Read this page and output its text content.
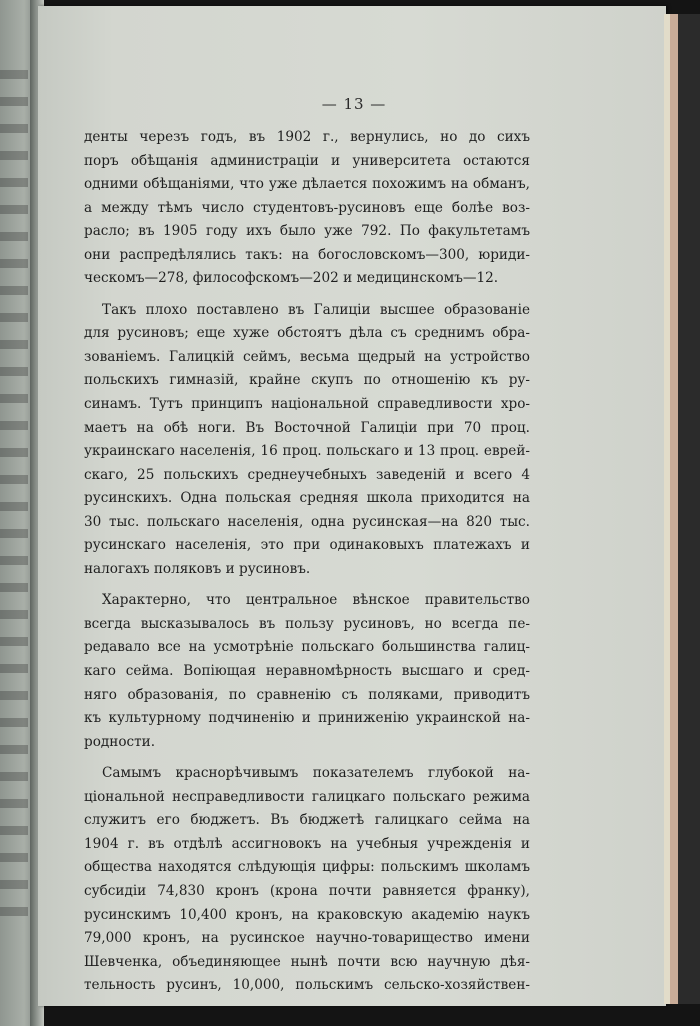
— 13 —
денты черезъ годъ, въ 1902 г., вернулись, но до сихъ
поръ обѣщанія администраціи и университета остаются
одними обѣщаніями, что уже дѣлается похожимъ на обманъ,
а между тѣмъ число студентовъ-русиновъ еще болѣе воз-
расло; въ 1905 году ихъ было уже 792. По факультетамъ
они распредѣлялись такъ: на богословскомъ—300, юриди-
ческомъ—278, философскомъ—202 и медицинскомъ—12.
Такъ плохо поставлено въ Галиціи высшее образованіе
для русиновъ; еще хуже обстоятъ дѣла съ среднимъ обра-
зованіемъ. Галицкій сеймъ, весьма щедрый на устройство
польскихъ гимназій, крайне скупъ по отношенію къ ру-
синамъ. Тутъ принципъ національной справедливости хро-
маетъ на обѣ ноги. Въ Восточной Галиціи при 70 проц.
украинскаго населенія, 16 проц. польскаго и 13 проц. еврей-
скаго, 25 польскихъ среднеучебныхъ заведеній и всего 4
русинскихъ. Одна польская средняя школа приходится на
30 тыс. польскаго населенія, одна русинская—на 820 тыс.
русинскаго населенія, это при одинаковыхъ платежахъ и
налогахъ поляковъ и русиновъ.
Характерно, что центральное вѣнское правительство
всегда высказывалось въ пользу русиновъ, но всегда пе-
редавало все на усмотрѣніе польскаго большинства галиц-
каго сейма. Вопіющая неравномѣрность высшаго и сред-
няго образованія, по сравненію съ поляками, приводитъ
къ культурному подчиненію и приниженію украинской на-
родности.
Самымъ краснорѣчивымъ показателемъ глубокой на-
ціональной несправедливости галицкаго польскаго режима
служитъ его бюджетъ. Въ бюджетѣ галицкаго сейма на
1904 г. въ отдѣлѣ ассигновокъ на учебныя учрежденія и
общества находятся слѣдующія цифры: польскимъ школамъ
субсидіи 74,830 кронъ (крона почти равняется франку),
русинскимъ 10,400 кронъ, на краковскую академію наукъ
79,000 кронъ, на русинское научно-товарищество имени
Шевченка, объединяющее нынѣ почти всю научную дѣя-
тельность русинъ, 10,000, польскимъ сельско-хозяйствен-
